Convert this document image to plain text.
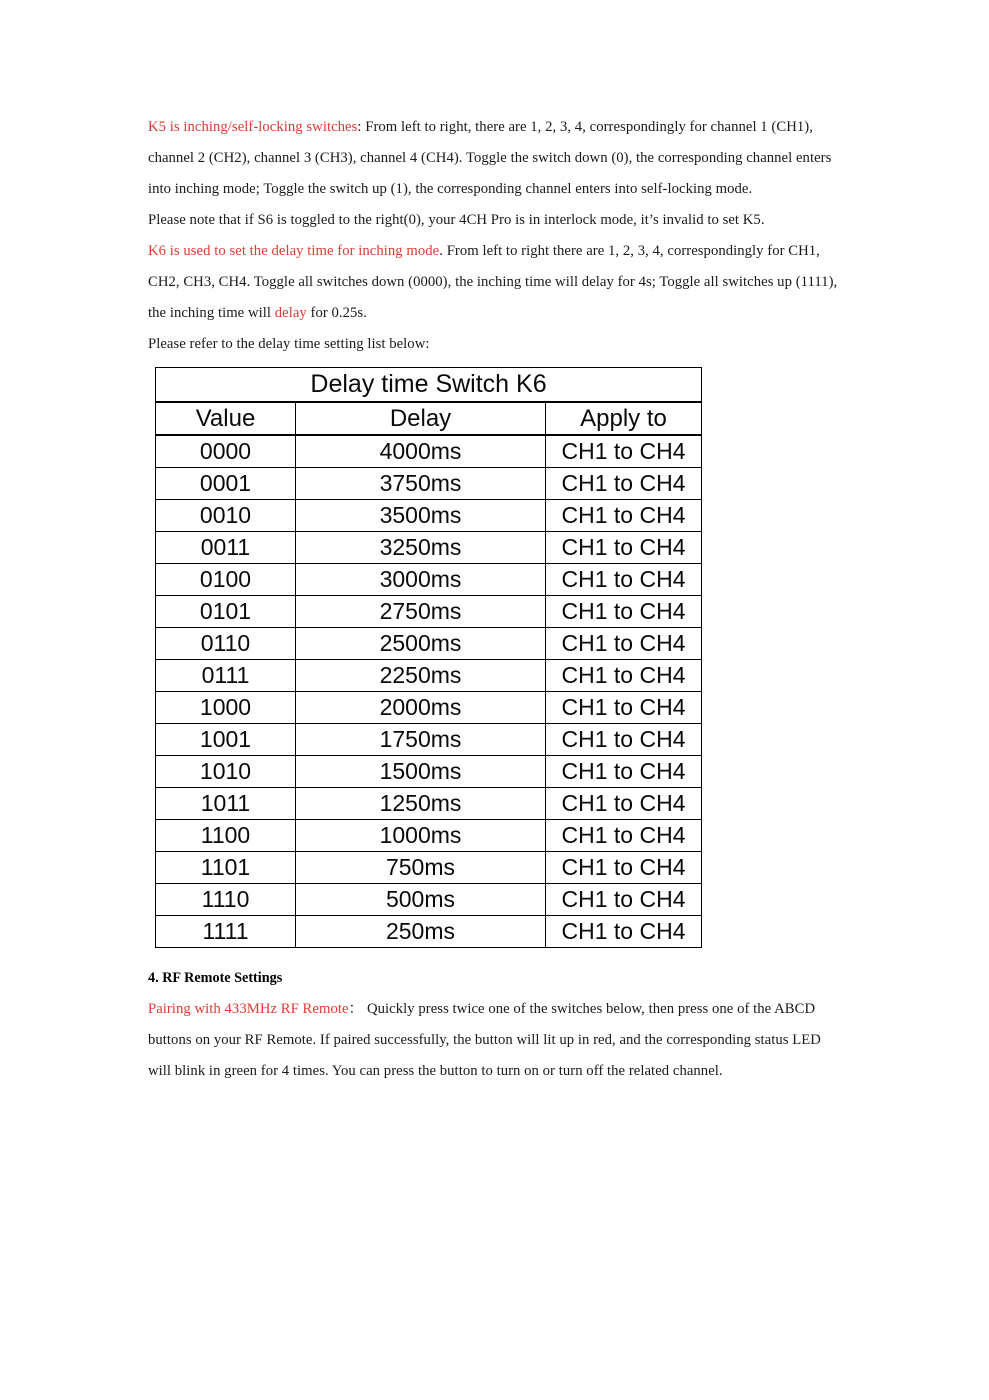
K5 is inching/self-locking switches: From left to right, there are 1, 2, 3, 4, correspondingly for channel 1 (CH1), channel 2 (CH2), channel 3 (CH3), channel 4 (CH4). Toggle the switch down (0), the corresponding channel enters into inching mode; Toggle the switch up (1), the corresponding channel enters into self-locking mode.

Please note that if S6 is toggled to the right(0), your 4CH Pro is in interlock mode, it’s invalid to set K5.

K6 is used to set the delay time for inching mode. From left to right there are 1, 2, 3, 4, correspondingly for CH1, CH2, CH3, CH4. Toggle all switches down (0000), the inching time will delay for 4s; Toggle all switches up (1111), the inching time will delay for 0.25s.

Please refer to the delay time setting list below:

Delay time Switch K6		
Value	Delay	Apply to
0000	4000ms	CH1 to CH4
0001	3750ms	CH1 to CH4
0010	3500ms	CH1 to CH4
0011	3250ms	CH1 to CH4
0100	3000ms	CH1 to CH4
0101	2750ms	CH1 to CH4
0110	2500ms	CH1 to CH4
0111	2250ms	CH1 to CH4
1000	2000ms	CH1 to CH4
1001	1750ms	CH1 to CH4
1010	1500ms	CH1 to CH4
1011	1250ms	CH1 to CH4
1100	1000ms	CH1 to CH4
1101	750ms	CH1 to CH4
1110	500ms	CH1 to CH4
1111	250ms	CH1 to CH4

4. RF Remote Settings

Pairing with 433MHz RF Remote： Quickly press twice one of the switches below, then press one of the ABCD buttons on your RF Remote. If paired successfully, the button will lit up in red, and the corresponding status LED will blink in green for 4 times. You can press the button to turn on or turn off the related channel.
